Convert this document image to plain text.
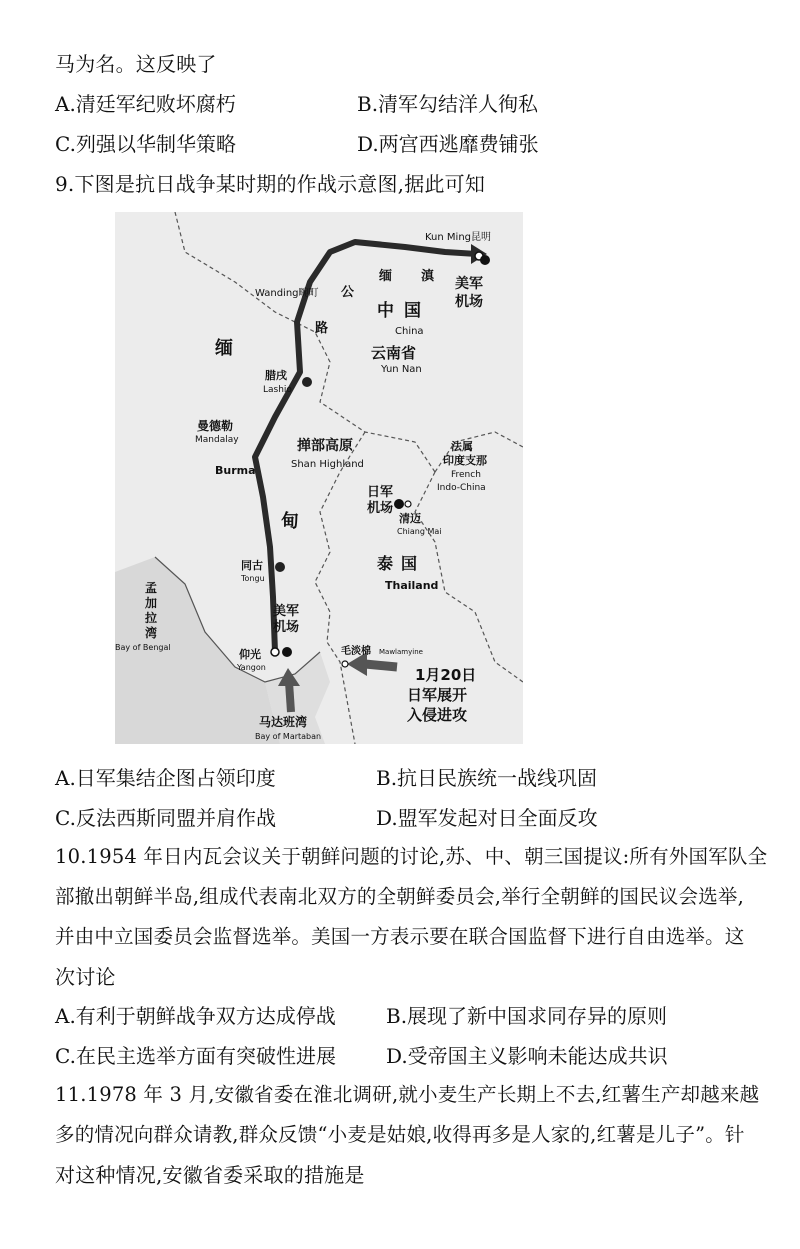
马为名。这反映了
A.清廷军纪败坏腐朽	B.清军勾结洋人徇私
C.列强以华制华策略	D.两宫西逃靡费铺张
9.下图是抗日战争某时期的作战示意图,据此可知
1
1
1
Kun Ming昆明
缅 滇 美军
机场
Wanding畹町 公
路
中国
China
云南省
Yun Nan
缅
腊戌
Lashio
曼德勒
Mandalay	掸部高原
Shan Highland
法属
印度支那
French
Indo-China
Burma
日军
机场
清迈
Chiang Mai
甸
同古
Tongu
泰国
Thailand
孟
加
拉
湾
Bay of Bengal
美军
机场
仰光
Yangon
毛淡棉 Mawlamyine
1月20日
日军展开
入侵进攻
马达班湾
Bay of Martaban
A.日军集结企图占领印度	B.抗日民族统一战线巩固
C.反法西斯同盟并肩作战	D.盟军发起对日全面反攻
10.1954 年日内瓦会议关于朝鲜问题的讨论,苏、中、朝三国提议:所有外国军队全
部撤出朝鲜半岛,组成代表南北双方的全朝鲜委员会,举行全朝鲜的国民议会选举,
并由中立国委员会监督选举。美国一方表示要在联合国监督下进行自由选举。这
次讨论
A.有利于朝鲜战争双方达成停战	B.展现了新中国求同存异的原则
C.在民主选举方面有突破性进展	D.受帝国主义影响未能达成共识
11.1978 年 3 月,安徽省委在淮北调研,就小麦生产长期上不去,红薯生产却越来越
多的情况向群众请教,群众反馈“小麦是姑娘,收得再多是人家的,红薯是儿子”。针
对这种情况,安徽省委采取的措施是
